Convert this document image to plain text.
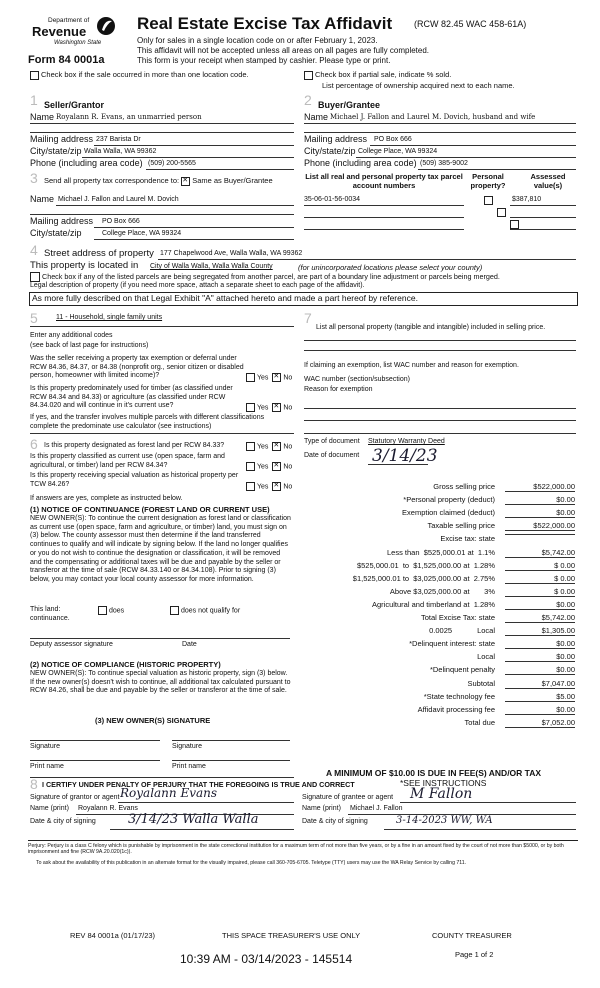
Department of
Revenue
Washington State
Form 84 0001a
Real Estate Excise Tax Affidavit (RCW 82.45 WAC 458-61A)
Only for sales in a single location code on or after February 1, 2023.
This affidavit will not be accepted unless all areas on all pages are fully completed.
This form is your receipt when stamped by cashier. Please type or print.
Check box if the sale occurred in more than one location code.	Check box if partial sale, indicate % sold.
List percentage of ownership acquired next to each name.
1 Seller/Grantor
Name Royalann R. Evans, an unmarried person
Mailing address 237 Barista Dr
City/state/zip Walla Walla, WA 99362
Phone (including area code) (509) 200-5565
2 Buyer/Grantee
Name Michael J. Fallon and Laurel M. Dovich, husband and wife
Mailing address PO Box 666
City/state/zip College Place, WA 99324
Phone (including area code) (509) 385-9002
3 Send all property tax correspondence to: ✕ Same as Buyer/Grantee
Name Michael J. Fallon and Laurel M. Dovich
Mailing address PO Box 666
City/state/zip	College Place, WA 99324
List all real and personal property tax parcel account numbers
Personal property?
Assessed value(s)
35-06-01-56-0034
	$387,810

4 Street address of property 177 Chapelwood Ave, Walla Walla, WA 99362
This property is located in City of Walla Walla, Walla Walla County	(for unincorporated locations please select your county)
Check box if any of the listed parcels are being segregated from another parcel, are part of a boundary line adjustment or parcels being merged.
Legal description of property (if you need more space, attach a separate sheet to each page of the affidavit).
As more fully described on that Legal Exhibit "A" attached hereto and made a part hereof by reference.
5	11 - Household, single family units
Enter any additional codes
(see back of last page for instructions)
Was the seller receiving a property tax exemption or deferral under RCW 84.36, 84.37, or 84.38 (nonprofit org., senior citizen or disabled person, homeowner with limited income)?	Yes ✕ No
Is this property predominately used for timber (as classified under RCW 84.34 and 84.33) or agriculture (as classified under RCW 84.34.020 and will continue in it's current use?	Yes ✕ No
If yes, and the transfer involves multiple parcels with different classifications complete the predominate use calculator (see instructions)
7
List all personal property (tangible and intangible) included in selling price.
If claiming an exemption, list WAC number and reason for exemption.
WAC number (section/subsection)
Reason for exemption
6 Is this property designated as forest land per RCW 84.33?	Yes ✕ No
Is this property classified as current use (open space, farm and agricultural, or timber) land per RCW 84.34?	Yes ✕ No
Is this property receiving special valuation as historical property per TCW 84.26?	Yes ✕ No
If answers are yes, complete as instructed below.
(1) NOTICE OF CONTINUANCE (FOREST LAND OR CURRENT USE)
NEW OWNER(S): To continue the current designation as forest land or classification as current use (open space, farm and agriculture, or timber) land, you must sign on (3) below. The county assessor must then determine if the land transferred continues to qualify and will indicate by signing below. If the land no longer qualifies or you do not wish to continue the designation or classification, it will be removed and the compensating or additional taxes will be due and payable by the seller or transferor at the time of sale (RCW 84.33.140 or 84.34.108). Prior to signing (3) below, you may contact your local county assessor for more information.
This land:	does	does not qualify for
continuance.
Deputy assessor signature	Date
(2) NOTICE OF COMPLIANCE (HISTORIC PROPERTY)
NEW OWNER(S): To continue special valuation as historic property, sign (3) below. If the new owner(s) doesn't wish to continue, all additional tax calculated pursuant to RCW 84.26, shall be due and payable by the seller or transferor at the time of sale.
(3) NEW OWNER(S) SIGNATURE
Signature	Signature
Print name	Print name
Type of document Statutory Warranty Deed
Date of document 3/14/23
Gross selling price	$522,000.00
*Personal property (deduct)	$0.00
Exemption claimed (deduct)	$0.00
Taxable selling price	$522,000.00
Excise tax: state
Less than  $525,000.01 at  1.1%	$5,742.00
$525,000.01  to  $1,525,000.00 at  1.28%	$ 0.00
$1,525,000.01 to  $3,025,000.00 at  2.75%	$ 0.00
Above $3,025,000.00 at       3%	$ 0.00
Agricultural and timberland at  1.28%	$0.00
Total Excise Tax: state	$5,742.00
0.0025            Local	$1,305.00
*Delinquent interest: state	$0.00
Local	$0.00
*Delinquent penalty	$0.00
Subtotal	$7,047.00
*State technology fee	$5.00
Affidavit processing fee	$0.00
Total due	$7,052.00
A MINIMUM OF $10.00 IS DUE IN FEE(S) AND/OR TAX
*SEE INSTRUCTIONS
8 I CERTIFY UNDER PENALTY OF PERJURY THAT THE FOREGOING IS TRUE AND CORRECT
Signature of grantor or agent Royalann Evans
Name (print) Royalann R. Evans
Date & city of signing 3/14/23 Walla Walla
Signature of grantee or agent M Fallon
Name (print) Michael J. Fallon
Date & city of signing	3-14-2023 WW, WA
Perjury: Perjury is a class C felony which is punishable by imprisonment in the state correctional institution for a maximum term of not more than five years, or by a fine in an amount fixed by the court of not more than $5000, or by both imprisonment and fine (RCW 9A.20.020(1c)).
To ask about the availability of this publication in an alternate format for the visually impaired, please call 360-705-6705. Teletype (TTY) users may use the WA Relay Service by calling 711.
REV 84 0001a (01/17/23)	THIS SPACE TREASURER'S USE ONLY	COUNTY TREASURER
10:39 AM - 03/14/2023 - 145514	Page 1 of 2
